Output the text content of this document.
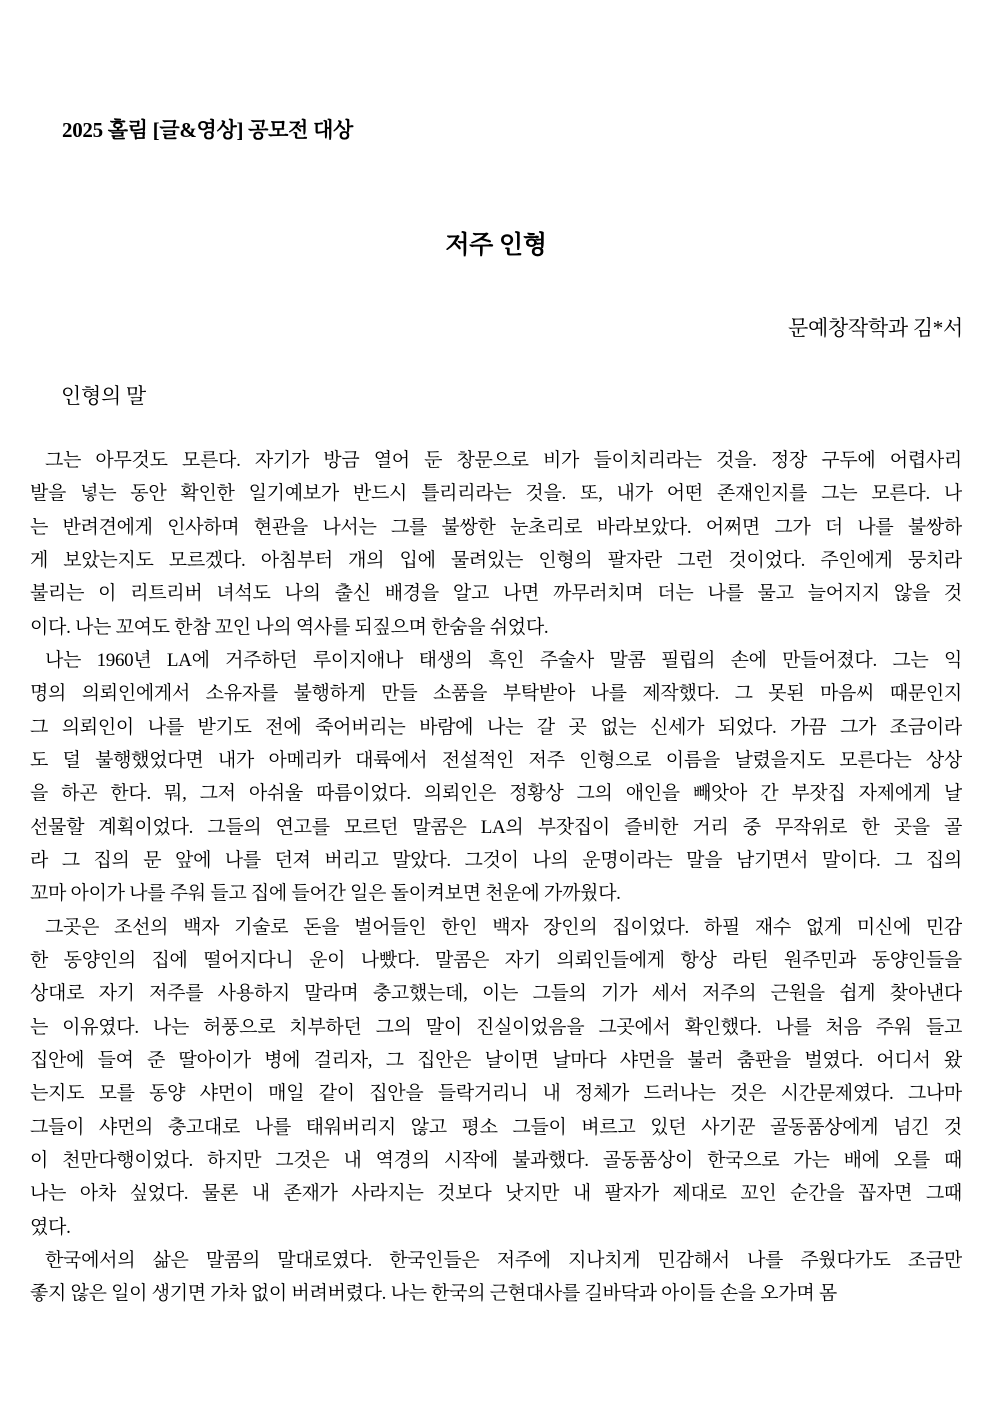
2025 홀림 [글&영상] 공모전 대상
저주 인형
문예창작학과 김*서
인형의 말
그는 아무것도 모른다. 자기가 방금 열어 둔 창문으로 비가 들이치리라는 것을. 정장 구두에 어렵사리
발을 넣는 동안 확인한 일기예보가 반드시 틀리리라는 것을. 또, 내가 어떤 존재인지를 그는 모른다. 나
는 반려견에게 인사하며 현관을 나서는 그를 불쌍한 눈초리로 바라보았다. 어쩌면 그가 더 나를 불쌍하
게 보았는지도 모르겠다. 아침부터 개의 입에 물려있는 인형의 팔자란 그런 것이었다. 주인에게 뭉치라
불리는 이 리트리버 녀석도 나의 출신 배경을 알고 나면 까무러치며 더는 나를 물고 늘어지지 않을 것
이다. 나는 꼬여도 한참 꼬인 나의 역사를 되짚으며 한숨을 쉬었다.
나는 1960년 LA에 거주하던 루이지애나 태생의 흑인 주술사 말콤 필립의 손에 만들어졌다. 그는 익
명의 의뢰인에게서 소유자를 불행하게 만들 소품을 부탁받아 나를 제작했다. 그 못된 마음씨 때문인지
그 의뢰인이 나를 받기도 전에 죽어버리는 바람에 나는 갈 곳 없는 신세가 되었다. 가끔 그가 조금이라
도 덜 불행했었다면 내가 아메리카 대륙에서 전설적인 저주 인형으로 이름을 날렸을지도 모른다는 상상
을 하곤 한다. 뭐, 그저 아쉬울 따름이었다. 의뢰인은 정황상 그의 애인을 빼앗아 간 부잣집 자제에게 날
선물할 계획이었다. 그들의 연고를 모르던 말콤은 LA의 부잣집이 즐비한 거리 중 무작위로 한 곳을 골
라 그 집의 문 앞에 나를 던져 버리고 말았다. 그것이 나의 운명이라는 말을 남기면서 말이다. 그 집의
꼬마 아이가 나를 주워 들고 집에 들어간 일은 돌이켜보면 천운에 가까웠다.
그곳은 조선의 백자 기술로 돈을 벌어들인 한인 백자 장인의 집이었다. 하필 재수 없게 미신에 민감
한 동양인의 집에 떨어지다니 운이 나빴다. 말콤은 자기 의뢰인들에게 항상 라틴 원주민과 동양인들을
상대로 자기 저주를 사용하지 말라며 충고했는데, 이는 그들의 기가 세서 저주의 근원을 쉽게 찾아낸다
는 이유였다. 나는 허풍으로 치부하던 그의 말이 진실이었음을 그곳에서 확인했다. 나를 처음 주워 들고
집안에 들여 준 딸아이가 병에 걸리자, 그 집안은 날이면 날마다 샤먼을 불러 춤판을 벌였다. 어디서 왔
는지도 모를 동양 샤먼이 매일 같이 집안을 들락거리니 내 정체가 드러나는 것은 시간문제였다. 그나마
그들이 샤먼의 충고대로 나를 태워버리지 않고 평소 그들이 벼르고 있던 사기꾼 골동품상에게 넘긴 것
이 천만다행이었다. 하지만 그것은 내 역경의 시작에 불과했다. 골동품상이 한국으로 가는 배에 오를 때
나는 아차 싶었다. 물론 내 존재가 사라지는 것보다 낫지만 내 팔자가 제대로 꼬인 순간을 꼽자면 그때
였다.
한국에서의 삶은 말콤의 말대로였다. 한국인들은 저주에 지나치게 민감해서 나를 주웠다가도 조금만
좋지 않은 일이 생기면 가차 없이 버려버렸다. 나는 한국의 근현대사를 길바닥과 아이들 손을 오가며 몸
